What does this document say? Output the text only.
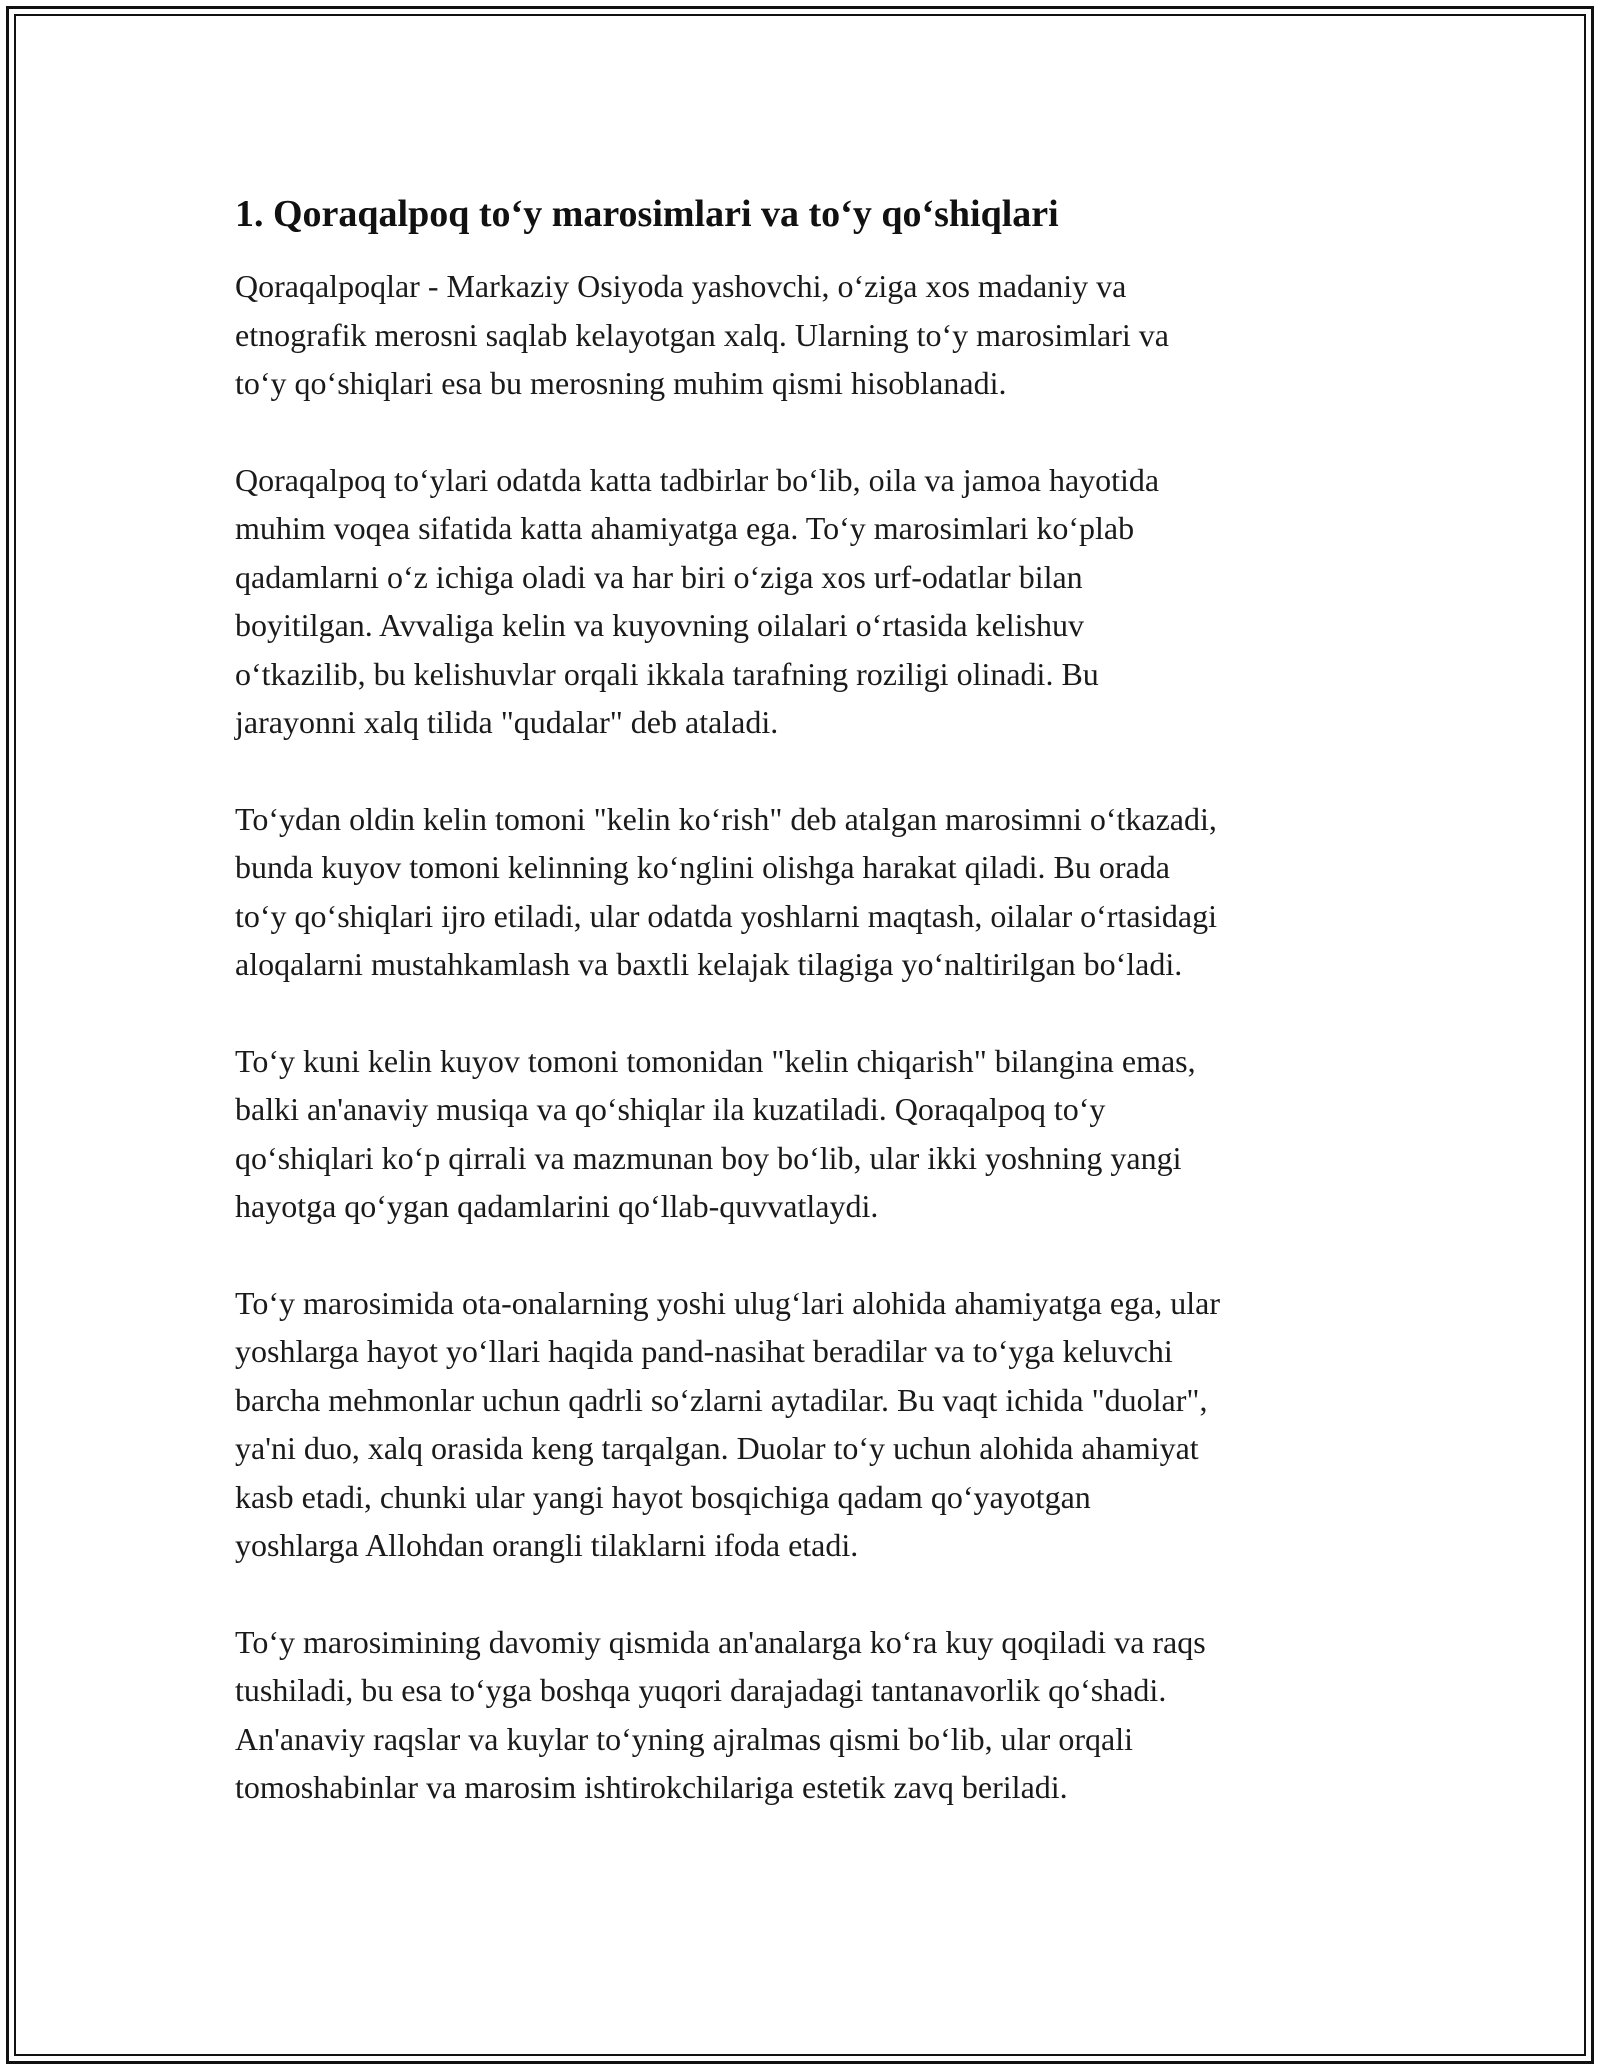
1. Qoraqalpoq to‘y marosimlari va to‘y qo‘shiqlari

Qoraqalpoqlar - Markaziy Osiyoda yashovchi, o‘ziga xos madaniy va
etnografik merosni saqlab kelayotgan xalq. Ularning to‘y marosimlari va
to‘y qo‘shiqlari esa bu merosning muhim qismi hisoblanadi.

Qoraqalpoq to‘ylari odatda katta tadbirlar bo‘lib, oila va jamoa hayotida
muhim voqea sifatida katta ahamiyatga ega. To‘y marosimlari ko‘plab
qadamlarni o‘z ichiga oladi va har biri o‘ziga xos urf-odatlar bilan
boyitilgan. Avvaliga kelin va kuyovning oilalari o‘rtasida kelishuv
o‘tkazilib, bu kelishuvlar orqali ikkala tarafning roziligi olinadi. Bu
jarayonni xalq tilida "qudalar" deb ataladi.

To‘ydan oldin kelin tomoni "kelin ko‘rish" deb atalgan marosimni o‘tkazadi,
bunda kuyov tomoni kelinning ko‘nglini olishga harakat qiladi. Bu orada
to‘y qo‘shiqlari ijro etiladi, ular odatda yoshlarni maqtash, oilalar o‘rtasidagi
aloqalarni mustahkamlash va baxtli kelajak tilagiga yo‘naltirilgan bo‘ladi.

To‘y kuni kelin kuyov tomoni tomonidan "kelin chiqarish" bilangina emas,
balki an'anaviy musiqa va qo‘shiqlar ila kuzatiladi. Qoraqalpoq to‘y
qo‘shiqlari ko‘p qirrali va mazmunan boy bo‘lib, ular ikki yoshning yangi
hayotga qo‘ygan qadamlarini qo‘llab-quvvatlaydi.

To‘y marosimida ota-onalarning yoshi ulug‘lari alohida ahamiyatga ega, ular
yoshlarga hayot yo‘llari haqida pand-nasihat beradilar va to‘yga keluvchi
barcha mehmonlar uchun qadrli so‘zlarni aytadilar. Bu vaqt ichida "duolar",
ya'ni duo, xalq orasida keng tarqalgan. Duolar to‘y uchun alohida ahamiyat
kasb etadi, chunki ular yangi hayot bosqichiga qadam qo‘yayotgan
yoshlarga Allohdan orangli tilaklarni ifoda etadi.

To‘y marosimining davomiy qismida an'analarga ko‘ra kuy qoqiladi va raqs
tushiladi, bu esa to‘yga boshqa yuqori darajadagi tantanavorlik qo‘shadi.
An'anaviy raqslar va kuylar to‘yning ajralmas qismi bo‘lib, ular orqali
tomoshabinlar va marosim ishtirokchilariga estetik zavq beriladi.
